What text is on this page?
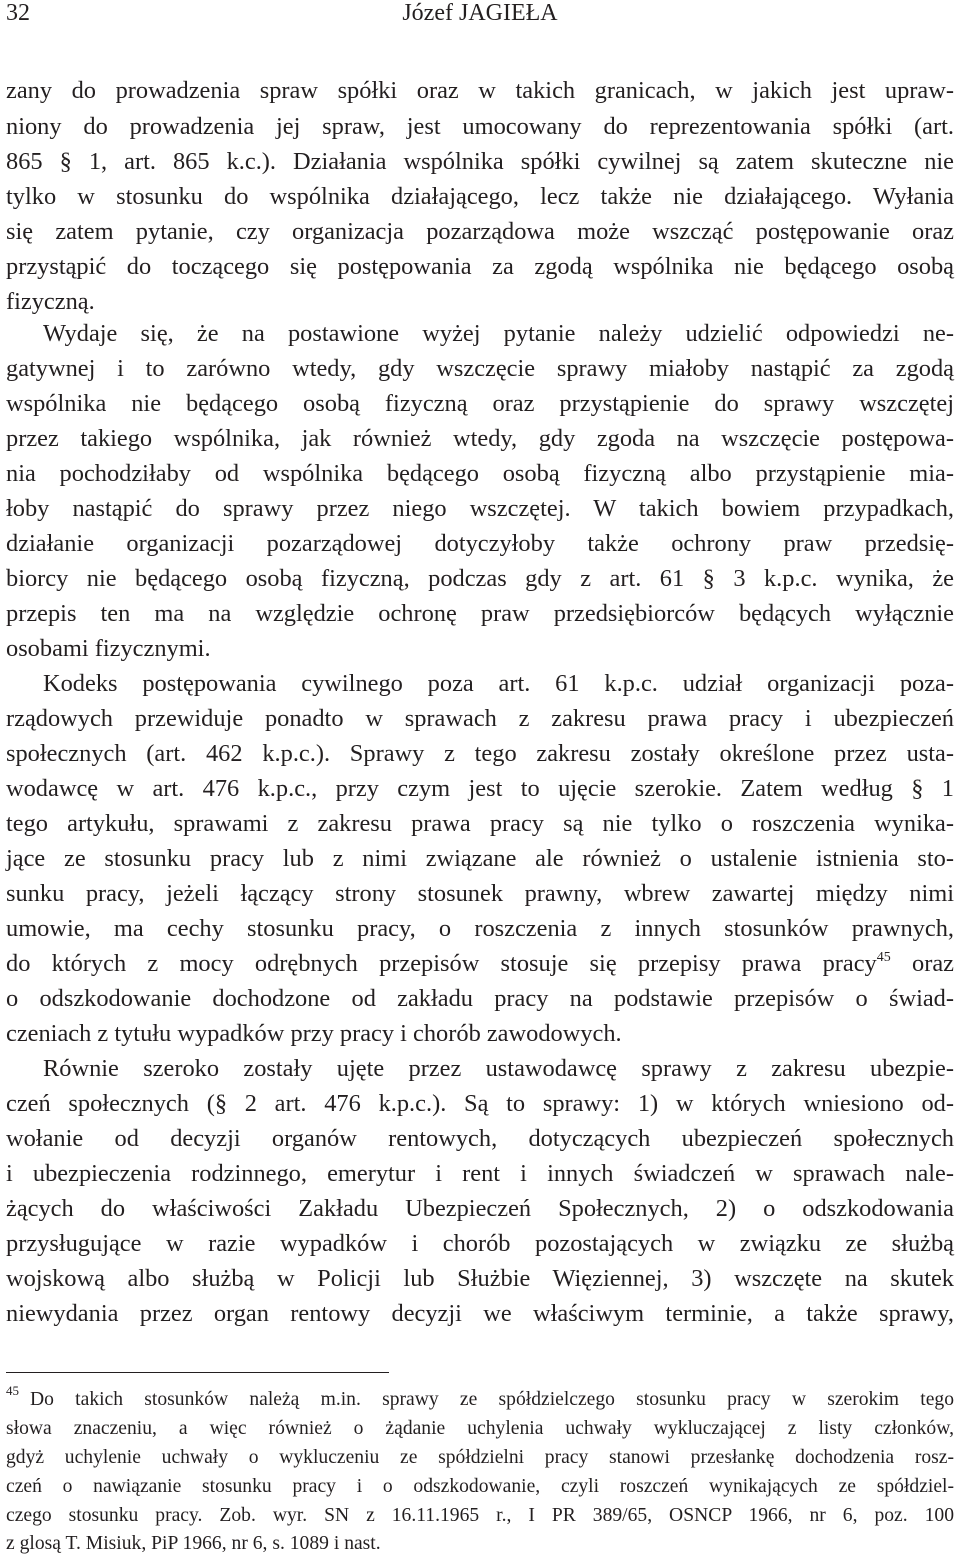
32	Józef JAGIEŁA
zany do prowadzenia spraw spółki oraz w takich granicach, w jakich jest upraw-
niony do prowadzenia jej spraw, jest umocowany do reprezentowania spółki (art.
865 § 1, art. 865 k.c.). Działania wspólnika spółki cywilnej są zatem skuteczne nie
tylko w stosunku do wspólnika działającego, lecz także nie działającego. Wyłania
się zatem pytanie, czy organizacja pozarządowa może wszcząć postępowanie oraz
przystąpić do toczącego się postępowania za zgodą wspólnika nie będącego osobą
fizyczną.
Wydaje się, że na postawione wyżej pytanie należy udzielić odpowiedzi ne-
gatywnej i to zarówno wtedy, gdy wszczęcie sprawy miałoby nastąpić za zgodą
wspólnika nie będącego osobą fizyczną oraz przystąpienie do sprawy wszczętej
przez takiego wspólnika, jak również wtedy, gdy zgoda na wszczęcie postępowa-
nia pochodziłaby od wspólnika będącego osobą fizyczną albo przystąpienie mia-
łoby nastąpić do sprawy przez niego wszczętej. W takich bowiem przypadkach,
działanie organizacji pozarządowej dotyczyłoby także ochrony praw przedsię-
biorcy nie będącego osobą fizyczną, podczas gdy z art. 61 § 3 k.p.c. wynika, że
przepis ten ma na względzie ochronę praw przedsiębiorców będących wyłącznie
osobami fizycznymi.
Kodeks postępowania cywilnego poza art. 61 k.p.c. udział organizacji poza-
rządowych przewiduje ponadto w sprawach z zakresu prawa pracy i ubezpieczeń
społecznych (art. 462 k.p.c.). Sprawy z tego zakresu zostały określone przez usta-
wodawcę w art. 476 k.p.c., przy czym jest to ujęcie szerokie. Zatem według § 1
tego artykułu, sprawami z zakresu prawa pracy są nie tylko o roszczenia wynika-
jące ze stosunku pracy lub z nimi związane ale również o ustalenie istnienia sto-
sunku pracy, jeżeli łączący strony stosunek prawny, wbrew zawartej między nimi
umowie, ma cechy stosunku pracy, o roszczenia z innych stosunków prawnych,
do których z mocy odrębnych przepisów stosuje się przepisy prawa pracy$^{45}$ oraz
o odszkodowanie dochodzone od zakładu pracy na podstawie przepisów o świad-
czeniach z tytułu wypadków przy pracy i chorób zawodowych.
Równie szeroko zostały ujęte przez ustawodawcę sprawy z zakresu ubezpie-
czeń społecznych (§ 2 art. 476 k.p.c.). Są to sprawy: 1) w których wniesiono od-
wołanie od decyzji organów rentowych, dotyczących ubezpieczeń społecznych
i ubezpieczenia rodzinnego, emerytur i rent i innych świadczeń w sprawach nale-
żących do właściwości Zakładu Ubezpieczeń Społecznych, 2) o odszkodowania
przysługujące w razie wypadków i chorób pozostających w związku ze służbą
wojskową albo służbą w Policji lub Służbie Więziennej, 3) wszczęte na skutek
niewydania przez organ rentowy decyzji we właściwym terminie, a także sprawy,
45 Do takich stosunków należą m.in. sprawy ze spółdzielczego stosunku pracy w szerokim tego
słowa znaczeniu, a więc również o żądanie uchylenia uchwały wykluczającej z listy członków,
gdyż uchylenie uchwały o wykluczeniu ze spółdzielni pracy stanowi przesłankę dochodzenia rosz-
czeń o nawiązanie stosunku pracy i o odszkodowanie, czyli roszczeń wynikających ze spółdziel-
czego stosunku pracy. Zob. wyr. SN z 16.11.1965 r., I PR 389/65, OSNCP 1966, nr 6, poz. 100
z glosą T. Misiuk, PiP 1966, nr 6, s. 1089 i nast.
